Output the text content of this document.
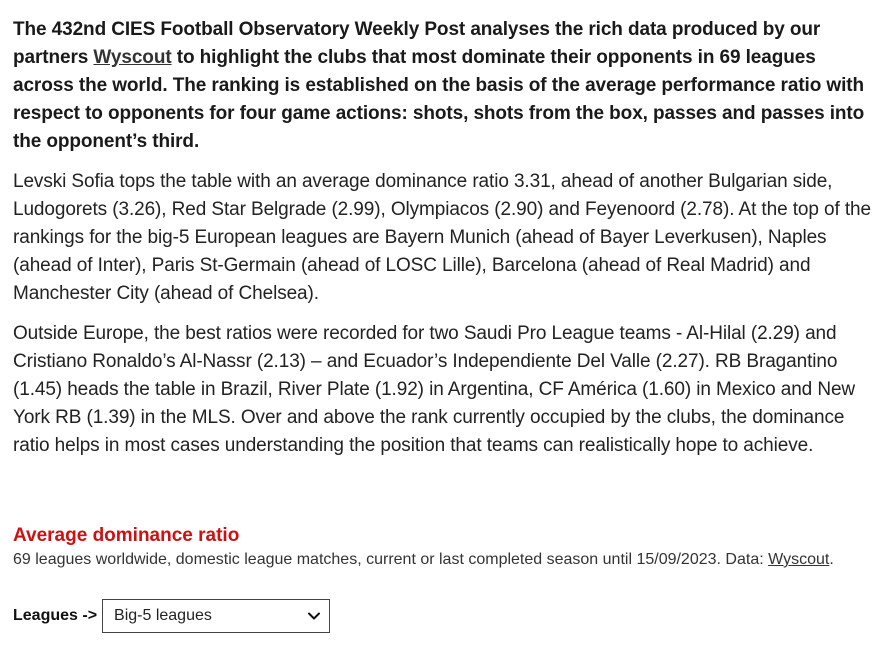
The 432nd CIES Football Observatory Weekly Post analyses the rich data produced by our partners Wyscout to highlight the clubs that most dominate their opponents in 69 leagues across the world. The ranking is established on the basis of the average performance ratio with respect to opponents for four game actions: shots, shots from the box, passes and passes into the opponent’s third.

Levski Sofia tops the table with an average dominance ratio 3.31, ahead of another Bulgarian side, Ludogorets (3.26), Red Star Belgrade (2.99), Olympiacos (2.90) and Feyenoord (2.78). At the top of the rankings for the big-5 European leagues are Bayern Munich (ahead of Bayer Leverkusen), Naples (ahead of Inter), Paris St-Germain (ahead of LOSC Lille), Barcelona (ahead of Real Madrid) and Manchester City (ahead of Chelsea).

Outside Europe, the best ratios were recorded for two Saudi Pro League teams - Al-Hilal (2.29) and Cristiano Ronaldo’s Al-Nassr (2.13) – and Ecuador’s Independiente Del Valle (2.27). RB Bragantino (1.45) heads the table in Brazil, River Plate (1.92) in Argentina, CF América (1.60) in Mexico and New York RB (1.39) in the MLS. Over and above the rank currently occupied by the clubs, the dominance ratio helps in most cases understanding the position that teams can realistically hope to achieve.

Average dominance ratio
69 leagues worldwide, domestic league matches, current or last completed season until 15/09/2023. Data: Wyscout.
Leagues -> Big-5 leagues
